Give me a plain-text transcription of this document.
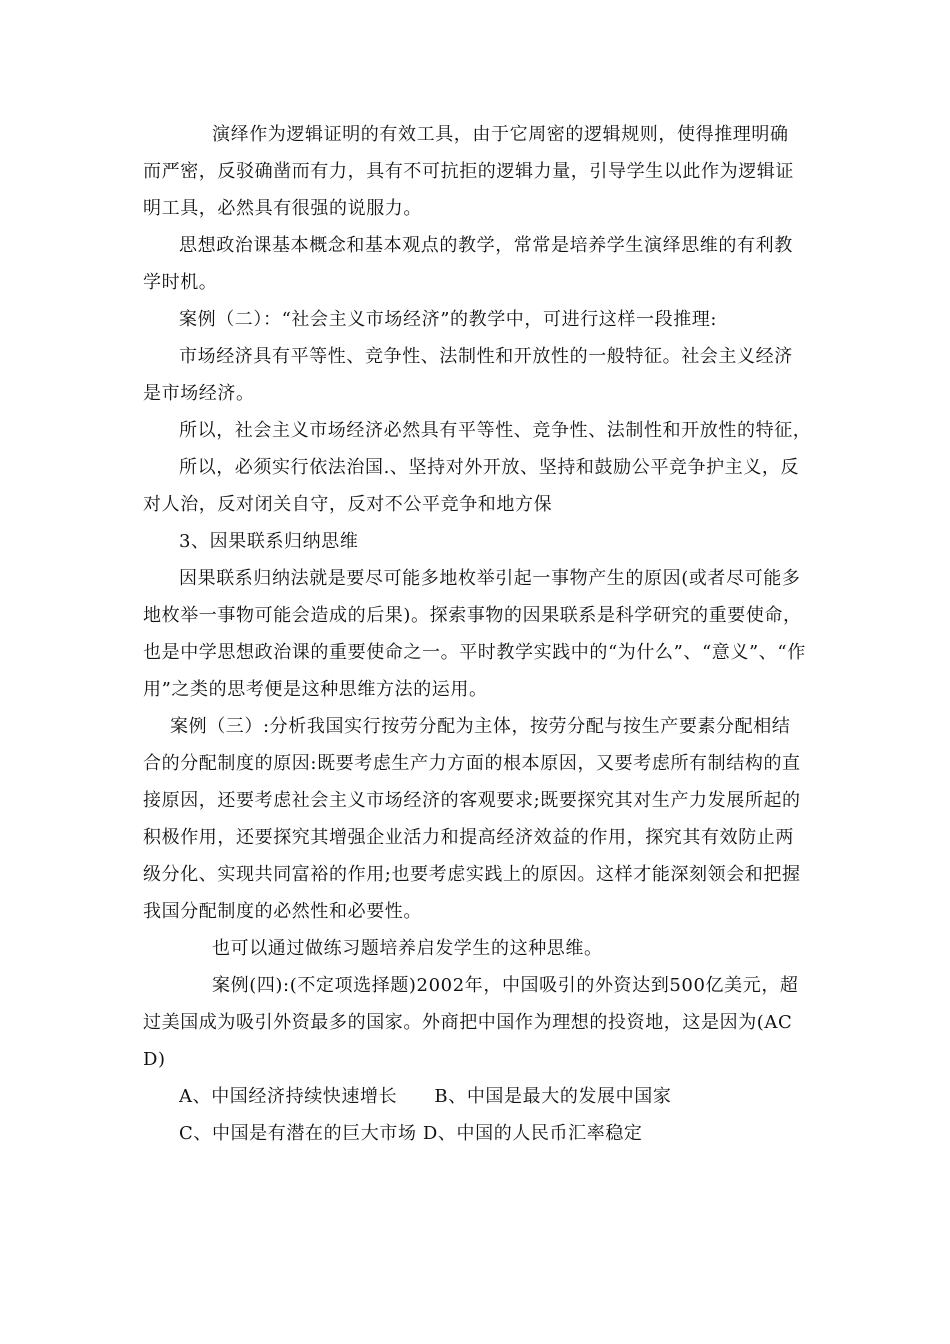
演绎作为逻辑证明的有效工具，由于它周密的逻辑规则，使得推理明确而严密，反驳确凿而有力，具有不可抗拒的逻辑力量，引导学生以此作为逻辑证明工具，必然具有很强的说服力。

思想政治课基本概念和基本观点的教学，常常是培养学生演绎思维的有利教学时机。

案例（二）：“社会主义市场经济”的教学中，可进行这样一段推理:

市场经济具有平等性、竞争性、法制性和开放性的一般特征。社会主义经济是市场经济。

所以，社会主义市场经济必然具有平等性、竞争性、法制性和开放性的特征，

所以，必须实行依法治国.、坚持对外开放、坚持和鼓励公平竞争护主义，反对人治，反对闭关自守，反对不公平竞争和地方保

3、因果联系归纳思维

因果联系归纳法就是要尽可能多地枚举引起一事物产生的原因(或者尽可能多地枚举一事物可能会造成的后果)。探索事物的因果联系是科学研究的重要使命，也是中学思想政治课的重要使命之一。平时教学实践中的“为什么”、“意义”、“作用”之类的思考便是这种思维方法的运用。

案例（三）:分析我国实行按劳分配为主体，按劳分配与按生产要素分配相结合的分配制度的原因:既要考虑生产力方面的根本原因，又要考虑所有制结构的直接原因，还要考虑社会主义市场经济的客观要求;既要探究其对生产力发展所起的积极作用，还要探究其增强企业活力和提高经济效益的作用，探究其有效防止两级分化、实现共同富裕的作用;也要考虑实践上的原因。这样才能深刻领会和把握我国分配制度的必然性和必要性。

也可以通过做练习题培养启发学生的这种思维。

案例(四):(不定项选择题)2002年，中国吸引的外资达到500亿美元，超过美国成为吸引外资最多的国家。外商把中国作为理想的投资地，这是因为(ACD)

A、中国经济持续快速增长　　B、中国是最大的发展中国家

C、中国是有潜在的巨大市场 D、中国的人民币汇率稳定
